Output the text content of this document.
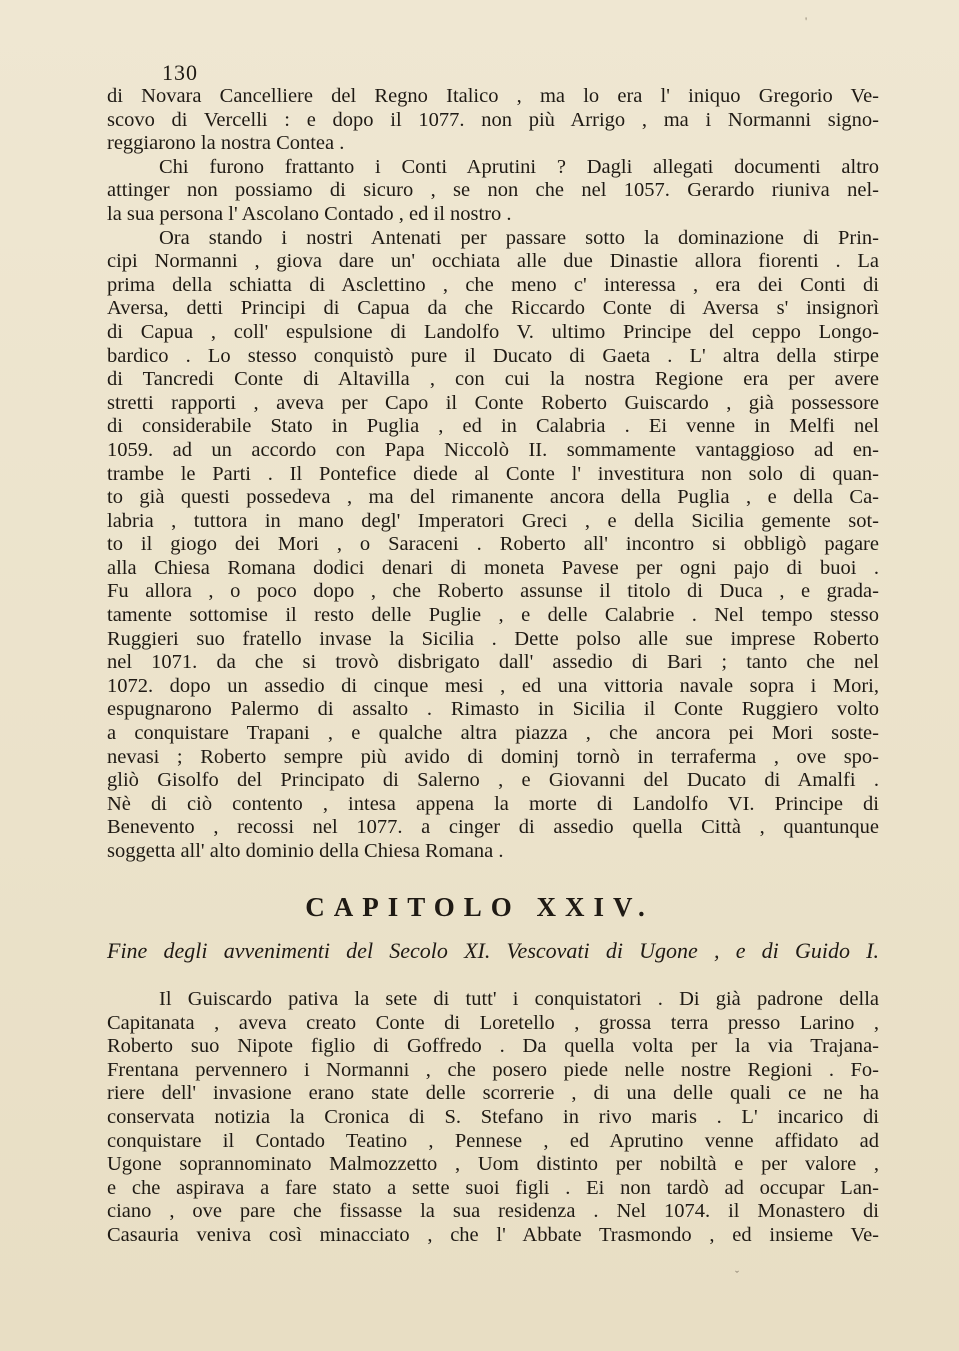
'
130
di Novara Cancelliere del Regno Italico , ma lo era l' iniquo Gregorio Ve-
scovo di Vercelli : e dopo il 1077. non più Arrigo , ma i Normanni signo-
reggiarono la nostra Contea .
Chi furono frattanto i Conti Aprutini ? Dagli allegati documenti altro
attinger non possiamo di sicuro , se non che nel 1057. Gerardo riuniva nel-
la sua persona l' Ascolano Contado , ed il nostro .
Ora stando i nostri Antenati per passare sotto la dominazione di Prin-
cipi Normanni , giova dare un' occhiata alle due Dinastie allora fiorenti . La
prima della schiatta di Asclettino , che meno c' interessa , era dei Conti di
Aversa, detti Principi di Capua da che Riccardo Conte di Aversa s' insignorì
di Capua , coll' espulsione di Landolfo V. ultimo Principe del ceppo Longo-
bardico . Lo stesso conquistò pure il Ducato di Gaeta . L' altra della stirpe
di Tancredi Conte di Altavilla , con cui la nostra Regione era per avere
stretti rapporti , aveva per Capo il Conte Roberto Guiscardo , già possessore
di considerabile Stato in Puglia , ed in Calabria . Ei venne in Melfi nel
1059. ad un accordo con Papa Niccolò II. sommamente vantaggioso ad en-
trambe le Parti . Il Pontefice diede al Conte l' investitura non solo di quan-
to già questi possedeva , ma del rimanente ancora della Puglia , e della Ca-
labria , tuttora in mano degl' Imperatori Greci , e della Sicilia gemente sot-
to il giogo dei Mori , o Saraceni . Roberto all' incontro si obbligò pagare
alla Chiesa Romana dodici denari di moneta Pavese per ogni pajo di buoi .
Fu allora , o poco dopo , che Roberto assunse il titolo di Duca , e grada-
tamente sottomise il resto delle Puglie , e delle Calabrie . Nel tempo stesso
Ruggieri suo fratello invase la Sicilia . Dette polso alle sue imprese Roberto
nel 1071. da che si trovò disbrigato dall' assedio di Bari ; tanto che nel
1072. dopo un assedio di cinque mesi , ed una vittoria navale sopra i Mori,
espugnarono Palermo di assalto . Rimasto in Sicilia il Conte Ruggiero volto
a conquistare Trapani , e qualche altra piazza , che ancora pei Mori soste-
nevasi ; Roberto sempre più avido di dominj tornò in terraferma , ove spo-
gliò Gisolfo del Principato di Salerno , e Giovanni del Ducato di Amalfi .
Nè di ciò contento , intesa appena la morte di Landolfo VI. Principe di
Benevento , recossi nel 1077. a cinger di assedio quella Città , quantunque
soggetta all' alto dominio della Chiesa Romana .
CAPITOLO XXIV.
Fine degli avvenimenti del Secolo XI. Vescovati di Ugone , e di Guido I.
Il Guiscardo pativa la sete di tutt' i conquistatori . Di già padrone della
Capitanata , aveva creato Conte di Loretello , grossa terra presso Larino ,
Roberto suo Nipote figlio di Goffredo . Da quella volta per la via Trajana-
Frentana pervennero i Normanni , che posero piede nelle nostre Regioni . Fo-
riere dell' invasione erano state delle scorrerie , di una delle quali ce ne ha
conservata notizia la Cronica di S. Stefano in rivo maris . L' incarico di
conquistare il Contado Teatino , Pennese , ed Aprutino venne affidato ad
Ugone soprannominato Malmozzetto , Uom distinto per nobiltà e per valore ,
e che aspirava a fare stato a sette suoi figli . Ei non tardò ad occupar Lan-
ciano , ove pare che fissasse la sua residenza . Nel 1074. il Monastero di
Casauria veniva così minacciato , che l' Abbate Trasmondo , ed insieme Ve-
ˇ
